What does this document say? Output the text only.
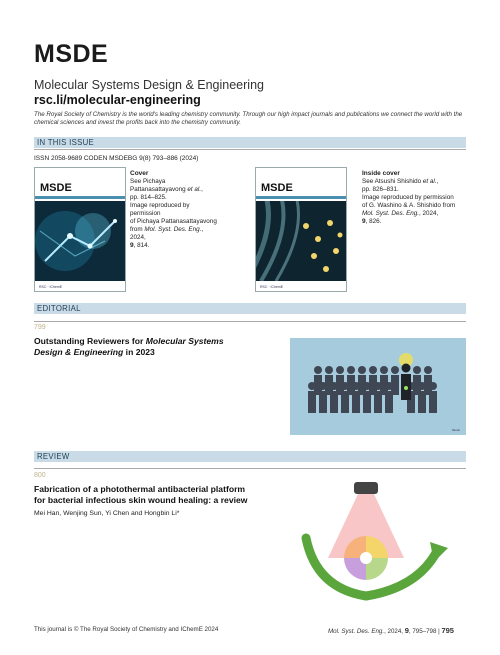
MSDE
Molecular Systems Design & Engineering
rsc.li/molecular-engineering
The Royal Society of Chemistry is the world's leading chemistry community. Through our high impact journals and publications we connect the world with the chemical sciences and invest the profits back into the chemistry community.
IN THIS ISSUE
ISSN 2058-9689 CODEN MSDEBG 9(8) 793–886 (2024)
MSDE
RSC · IChemE
Cover
See Pichaya
Pattanasattayavong et al.,
pp. 814–825.
Image reproduced by permission
of Pichaya Pattanasattayavong
from Mol. Syst. Des. Eng., 2024,
9, 814.
MSDE
RSC · IChemE
Inside cover
See Atsushi Shishido et al.,
pp. 826–831.
Image reproduced by permission
of G. Washino & A. Shishido from
Mol. Syst. Des. Eng., 2024,
9, 826.
EDITORIAL
799
Outstanding Reviewers for Molecular Systems Design & Engineering in 2023
iStock
REVIEW
800
Fabrication of a photothermal antibacterial platform
for bacterial infectious skin wound healing: a review
Mei Han, Wenjing Sun, Yi Chen and Hongbin Li*
This journal is © The Royal Society of Chemistry and IChemE 2024	Mol. Syst. Des. Eng., 2024, 9, 795–798 | 795
